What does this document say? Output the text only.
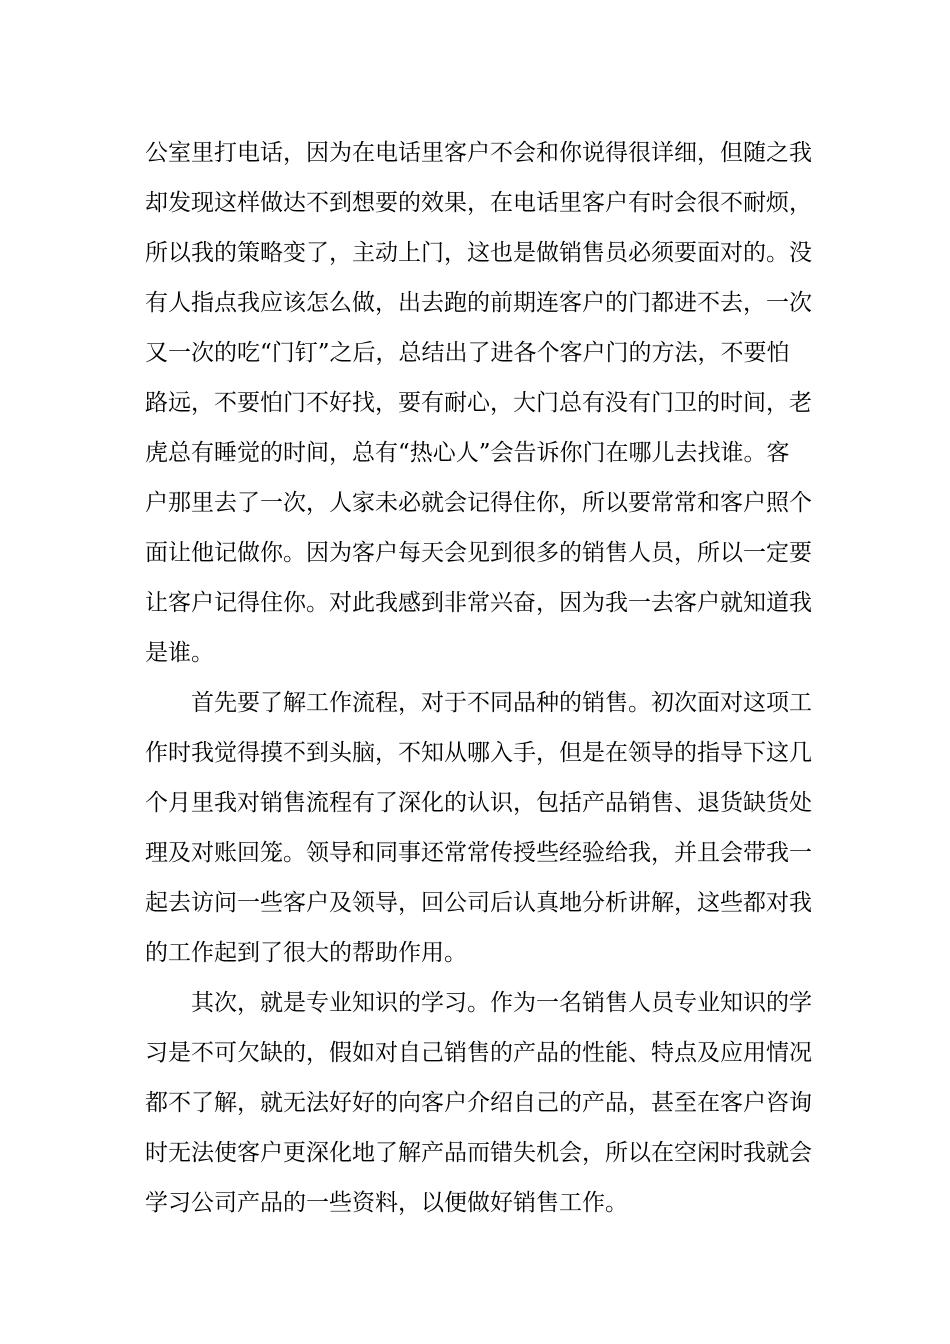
公室里打电话，因为在电话里客户不会和你说得很详细，但随之我
却发现这样做达不到想要的效果，在电话里客户有时会很不耐烦，
所以我的策略变了，主动上门，这也是做销售员必须要面对的。没
有人指点我应该怎么做，出去跑的前期连客户的门都进不去，一次
又一次的吃“门钉”之后，总结出了进各个客户门的方法，不要怕
路远，不要怕门不好找，要有耐心，大门总有没有门卫的时间，老
虎总有睡觉的时间，总有“热心人”会告诉你门在哪儿去找谁。客
户那里去了一次，人家未必就会记得住你，所以要常常和客户照个
面让他记做你。因为客户每天会见到很多的销售人员，所以一定要
让客户记得住你。对此我感到非常兴奋，因为我一去客户就知道我
是谁。
　　首先要了解工作流程，对于不同品种的销售。初次面对这项工
作时我觉得摸不到头脑，不知从哪入手，但是在领导的指导下这几
个月里我对销售流程有了深化的认识，包括产品销售、退货缺货处
理及对账回笼。领导和同事还常常传授些经验给我，并且会带我一
起去访问一些客户及领导，回公司后认真地分析讲解，这些都对我
的工作起到了很大的帮助作用。
　　其次，就是专业知识的学习。作为一名销售人员专业知识的学
习是不可欠缺的，假如对自己销售的产品的性能、特点及应用情况
都不了解，就无法好好的向客户介绍自己的产品，甚至在客户咨询
时无法使客户更深化地了解产品而错失机会，所以在空闲时我就会
学习公司产品的一些资料，以便做好销售工作。
